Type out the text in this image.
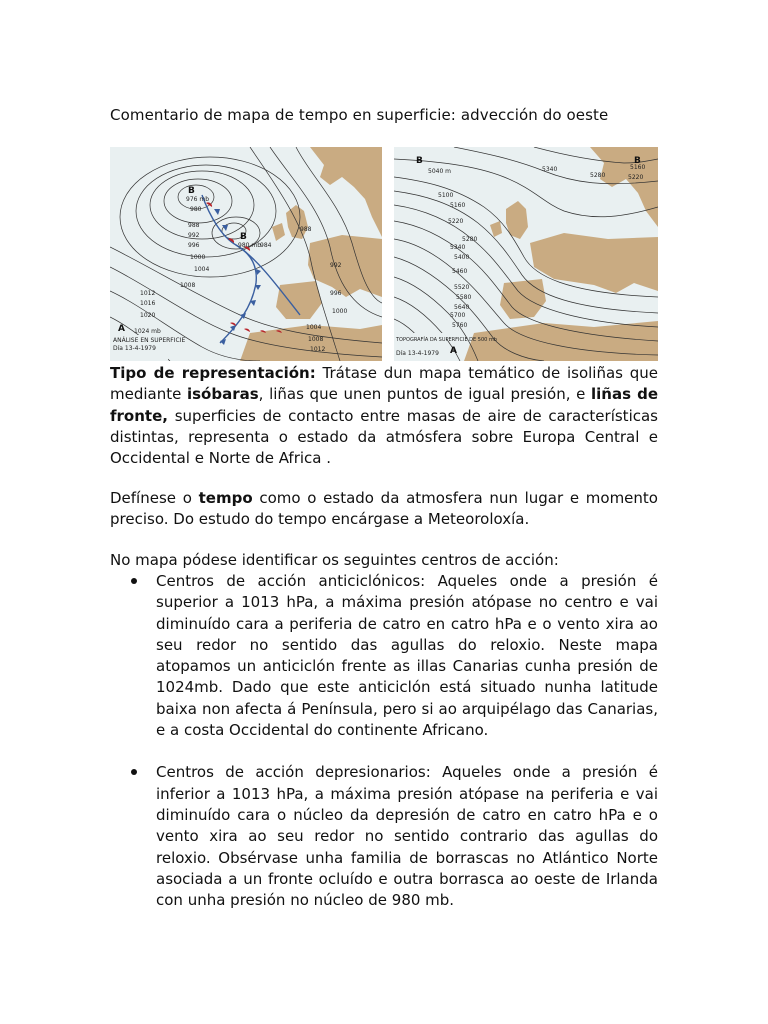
Comentario de mapa de tempo en superficie: advección do oeste
B
976 mb
B
980 mb
A 1024 mb
980
984
988
992
996
1000
1004
1008
1012
1016
1020
988
992
996
1000
1004
1008
1012
ANÁLISE EN SUPERFICIE
Día 13-4-1979
B
5040 m
B
A
5100
5160
5220
5280
5340
5400
5460
5520
5580
5640
5700
5760
5340
5280
5160
5220
TOPOGRAFÍA DA SUPERFICIE DE 500 mb
Día 13-4-1979

Tipo de representación: Trátase dun mapa temático de isoliñas que mediante isóbaras, liñas que unen puntos de igual presión, e liñas de fronte, superficies de contacto entre masas de aire de características distintas, representa o estado da atmósfera sobre Europa Central e Occidental e Norte de Africa .

Defínese o tempo como o estado da atmosfera nun lugar e momento preciso. Do estudo do tempo encárgase a Meteoroloxía.

No mapa pódese identificar os seguintes centros de acción:

Centros de acción anticiclónicos: Aqueles onde a presión é superior a 1013 hPa, a máxima presión atópase no centro e vai diminuído cara a periferia de catro en catro hPa e o vento xira ao seu redor no sentido das agullas do reloxio. Neste mapa atopamos un anticiclón frente as illas Canarias cunha presión de 1024mb. Dado que este anticiclón está situado nunha latitude baixa non afecta á Península, pero si ao arquipélago das Canarias, e a costa Occidental do continente Africano.
Centros de acción depresionarios: Aqueles onde a presión é inferior a 1013 hPa, a máxima presión atópase na periferia e vai diminuído cara o núcleo da depresión de catro en catro hPa e o vento xira ao seu redor no sentido contrario das agullas do reloxio. Obsérvase unha familia de borrascas no Atlántico Norte asociada a un fronte ocluído e outra borrasca ao oeste de Irlanda con unha presión no núcleo de 980 mb.
